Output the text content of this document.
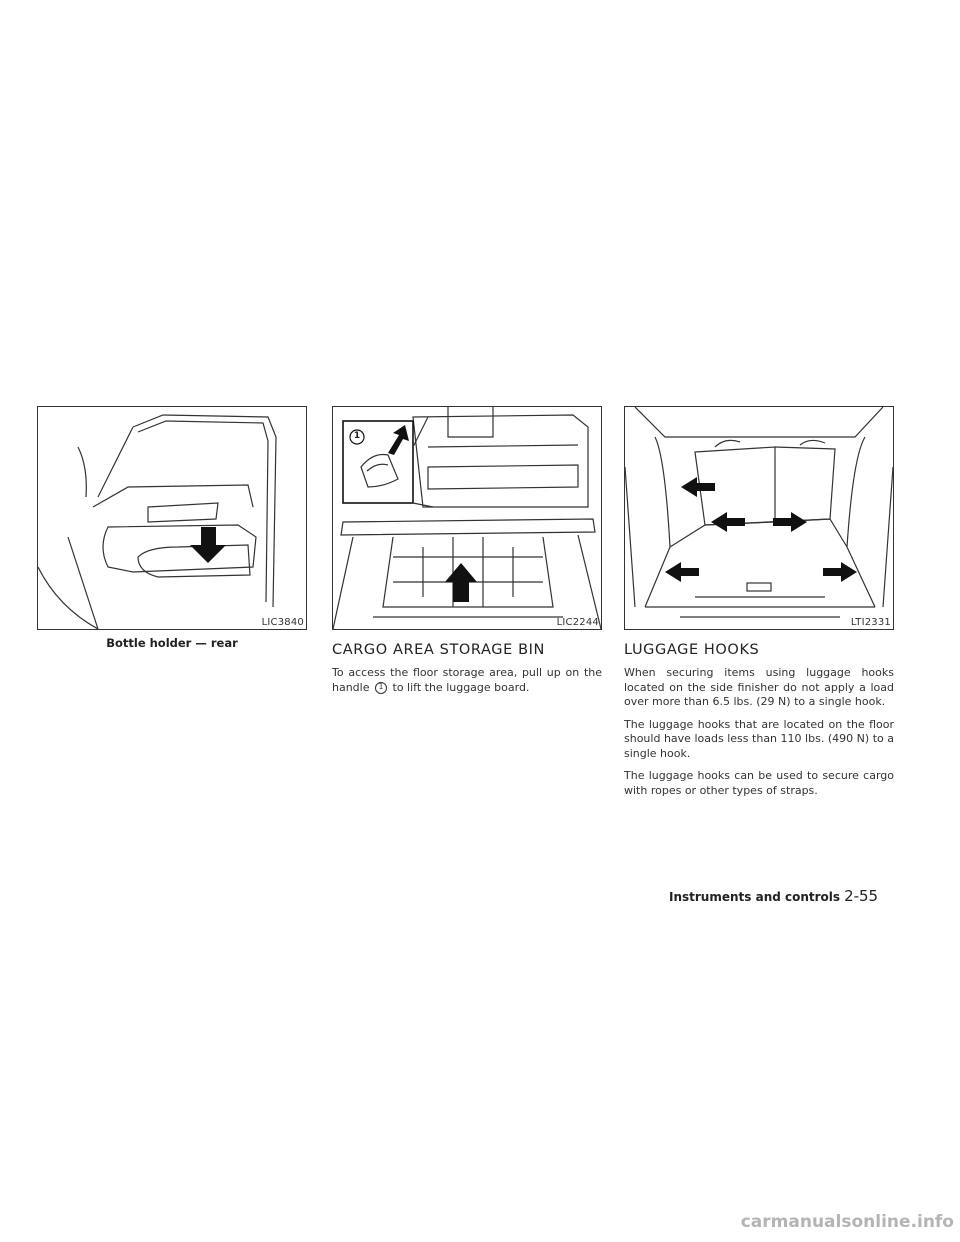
LIC3840
Bottle holder — rear
1
LIC2244
CARGO AREA STORAGE BIN

To access the floor storage area, pull up on the handle 1 to lift the luggage board.

LTI2331
LUGGAGE HOOKS

When securing items using luggage hooks located on the side finisher do not apply a load over more than 6.5 lbs. (29 N) to a single hook.

The luggage hooks that are located on the floor should have loads less than 110 lbs. (490 N) to a single hook.

The luggage hooks can be used to secure cargo with ropes or other types of straps.

Instruments and controls 2-55
carmanualsonline.info
